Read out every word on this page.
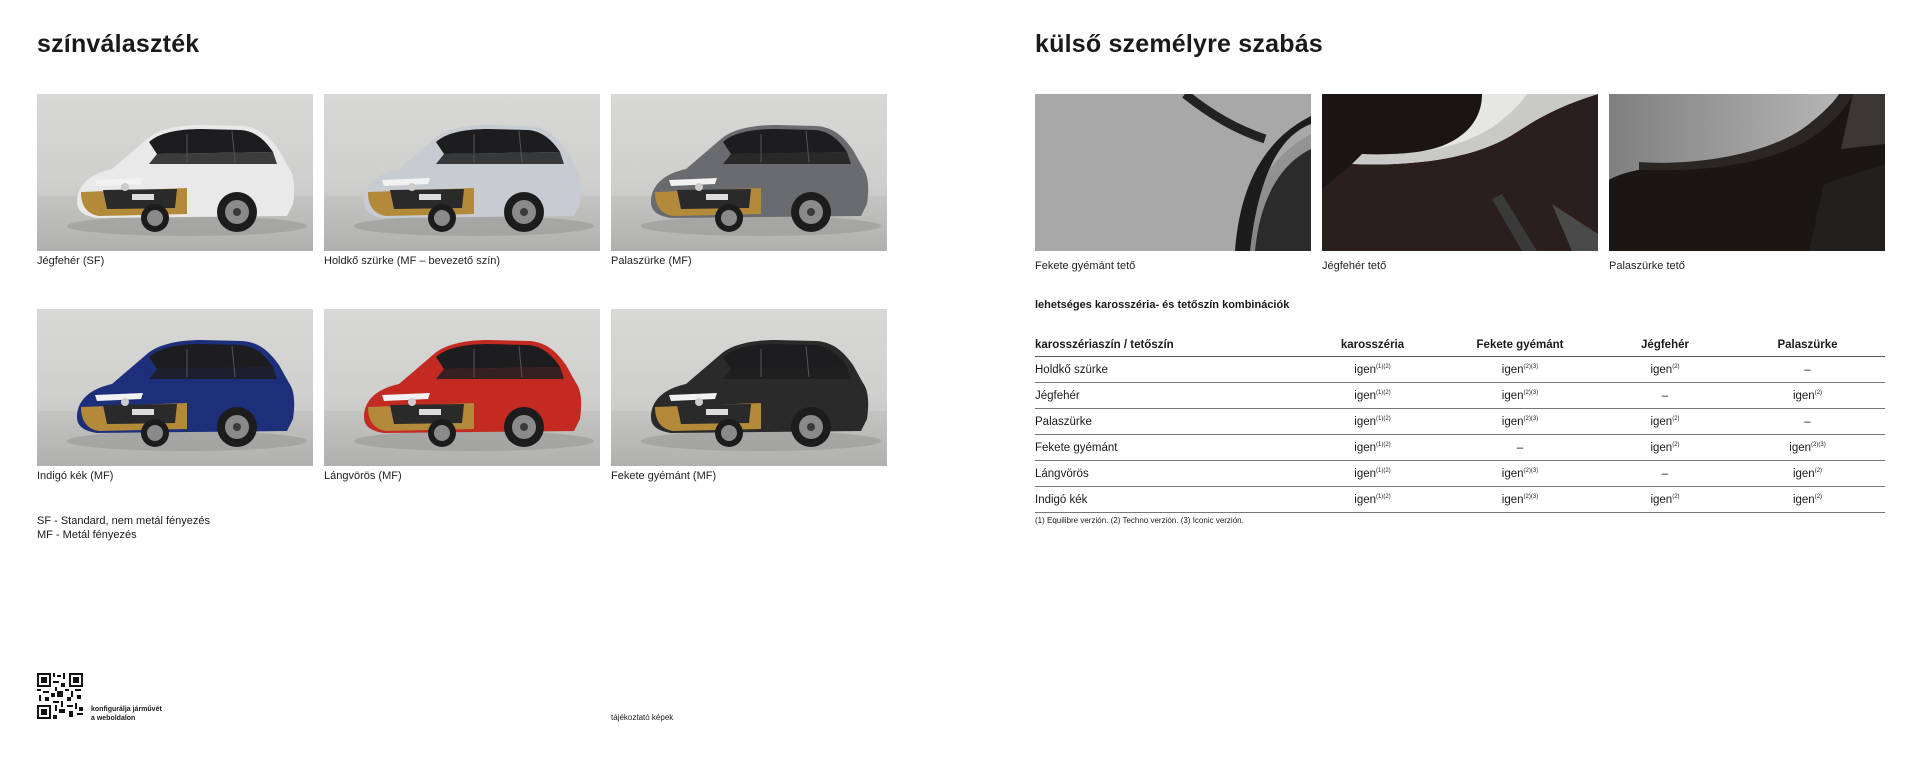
színválaszték
Jégfehér (SF)	Holdkő szürke (MF – bevezető szín)	Palaszürke (MF)
Indigó kék (MF)	Lángvörös (MF)	Fekete gyémánt (MF)
SF - Standard, nem metál fényezés
MF - Metál fényezés
konfigurálja járművét
a weboldalon	tájékoztató képek
külső személyre szabás
Fekete gyémánt tető	Jégfehér tető	Palaszürke tető
lehetséges karosszéria- és tetőszín kombinációk
karosszériaszín / tetőszín	karosszéria	Fekete gyémánt	Jégfehér	Palaszürke
Holdkő szürke	igen$^{(1)(2)}$	igen$^{(2)(3)}$	igen$^{(2)}$	–
Jégfehér	igen$^{(1)(2)}$	igen$^{(2)(3)}$	–	igen$^{(2)}$
Palaszürke	igen$^{(1)(2)}$	igen$^{(2)(3)}$	igen$^{(2)}$	–
Fekete gyémánt	igen$^{(1)(2)}$	–	igen$^{(2)}$	igen$^{(2)(3)}$
Lángvörös	igen$^{(1)(2)}$	igen$^{(2)(3)}$	–	igen$^{(2)}$
Indigó kék	igen$^{(1)(2)}$	igen$^{(2)(3)}$	igen$^{(2)}$	igen$^{(2)}$
(1) Equilibre verzión. (2) Techno verzión. (3) Iconic verzión.
